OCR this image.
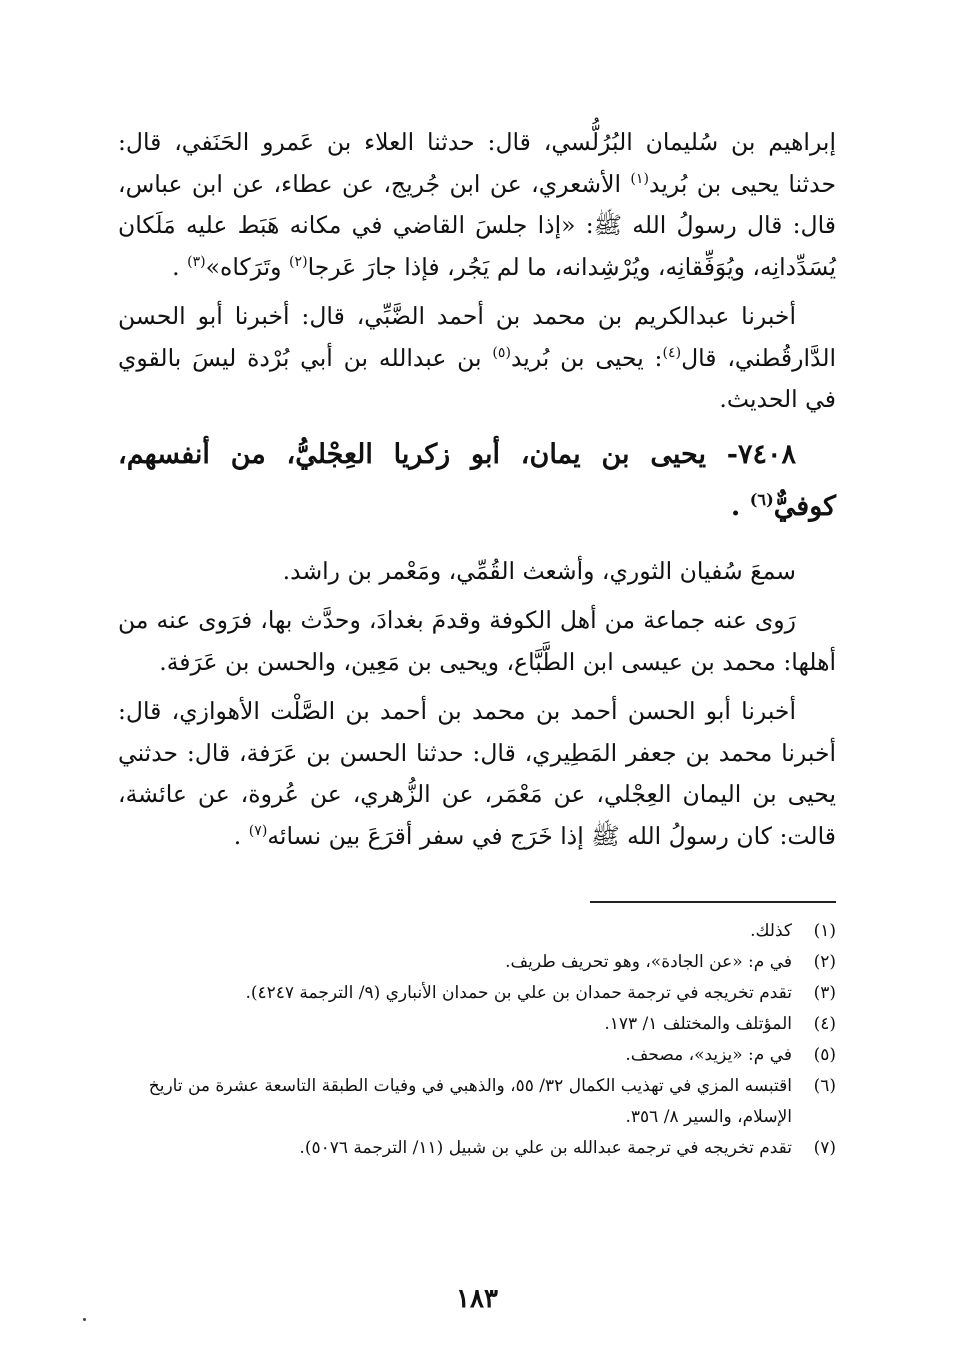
إبراهيم بن سُليمان البُرُلُّسي، قال: حدثنا العلاء بن عَمرو الحَنَفي، قال: حدثنا يحيى بن بُريد$^{(١)}$ الأشعري، عن ابن جُريج، عن عطاء، عن ابن عباس، قال: قال رسولُ الله ﷺ: «إذا جلسَ القاضي في مكانه هَبَط عليه مَلَكان يُسَدِّدانِه، ويُوَفِّقانِه، ويُرْشِدانه، ما لم يَجُر، فإذا جارَ عَرجا$^{(٢)}$ وتَرَكاه»$^{(٣)}$ .

أخبرنا عبدالكريم بن محمد بن أحمد الضَّبِّي، قال: أخبرنا أبو الحسن الدَّارقُطني، قال$^{(٤)}$: يحيى بن بُريد$^{(٥)}$ بن عبدالله بن أبي بُرْدة ليسَ بالقوي في الحديث.

٧٤٠٨- يحيى بن يمان، أبو زكريا العِجْليُّ، من أنفسهم، كوفيٌّ$^{(٦)}$ .

سمعَ سُفيان الثوري، وأشعث القُمِّي، ومَعْمر بن راشد.

رَوى عنه جماعة من أهل الكوفة وقدمَ بغدادَ، وحدَّث بها، فرَوى عنه من أهلها: محمد بن عيسى ابن الطَّبَّاع، ويحيى بن مَعِين، والحسن بن عَرَفة.

أخبرنا أبو الحسن أحمد بن محمد بن أحمد بن الصَّلْت الأهوازي، قال: أخبرنا محمد بن جعفر المَطِيري، قال: حدثنا الحسن بن عَرَفة، قال: حدثني يحيى بن اليمان العِجْلي، عن مَعْمَر، عن الزُّهري، عن عُروة، عن عائشة، قالت: كان رسولُ الله ﷺ إذا خَرَج في سفر أقرَعَ بين نسائه$^{(٧)}$ .

(١)
كذلك.
(٢)
في م: «عن الجادة»، وهو تحريف طريف.
(٣)
تقدم تخريجه في ترجمة حمدان بن علي بن حمدان الأنباري (٩/ الترجمة ٤٢٤٧).
(٤)
المؤتلف والمختلف ١/ ١٧٣.
(٥)
في م: «يزيد»، مصحف.
(٦)
اقتبسه المزي في تهذيب الكمال ٣٢/ ٥٥، والذهبي في وفيات الطبقة التاسعة عشرة من تاريخ الإسلام، والسير ٨/ ٣٥٦.
(٧)
تقدم تخريجه في ترجمة عبدالله بن علي بن شبيل (١١/ الترجمة ٥٠٧٦).
١٨٣
